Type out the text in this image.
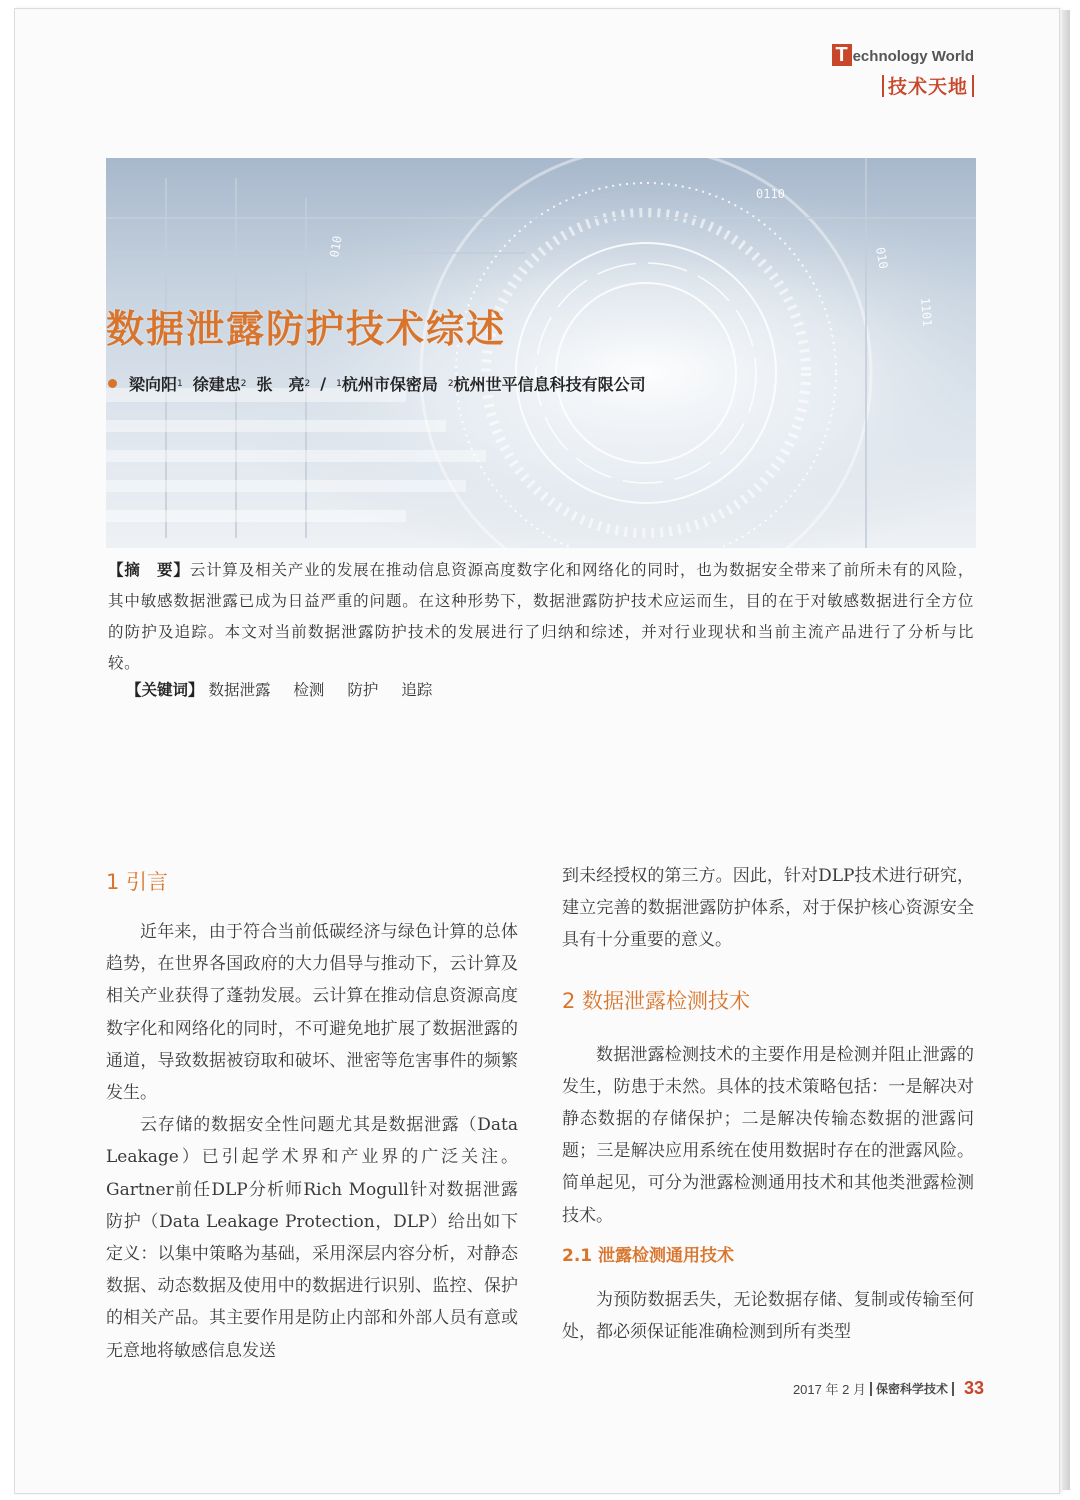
T echnology World
技术天地
010
1101
010
0110
数据泄露防护技术综述
梁向阳 1 徐建忠 2 张　亮 2 / 1 杭州市保密局 2 杭州世平信息科技有限公司
【摘　要】云计算及相关产业的发展在推动信息资源高度数字化和网络化的同时，也为数据安全带来了前所未有的风险，其中敏感数据泄露已成为日益严重的问题。在这种形势下，数据泄露防护技术应运而生，目的在于对敏感数据进行全方位的防护及追踪。本文对当前数据泄露防护技术的发展进行了归纳和综述，并对行业现状和当前主流产品进行了分析与比较。
【关键词】 数据泄露 检测 防护 追踪
1 引言

近年来，由于符合当前低碳经济与绿色计算的总体趋势，在世界各国政府的大力倡导与推动下，云计算及相关产业获得了蓬勃发展。云计算在推动信息资源高度数字化和网络化的同时，不可避免地扩展了数据泄露的通道，导致数据被窃取和破坏、泄密等危害事件的频繁发生。

云存储的数据安全性问题尤其是数据泄露（Data Leakage）已引起学术界和产业界的广泛关注。Gartner前任DLP分析师Rich Mogull针对数据泄露防护（Data Leakage Protection，DLP）给出如下定义：以集中策略为基础，采用深层内容分析，对静态数据、动态数据及使用中的数据进行识别、监控、保护的相关产品。其主要作用是防止内部和外部人员有意或无意地将敏感信息发送

到未经授权的第三方。因此，针对DLP技术进行研究，建立完善的数据泄露防护体系，对于保护核心资源安全具有十分重要的意义。

2 数据泄露检测技术

数据泄露检测技术的主要作用是检测并阻止泄露的发生，防患于未然。具体的技术策略包括：一是解决对静态数据的存储保护；二是解决传输态数据的泄露问题；三是解决应用系统在使用数据时存在的泄露风险。简单起见，可分为泄露检测通用技术和其他类泄露检测技术。

2.1 泄露检测通用技术

为预防数据丢失，无论数据存储、复制或传输至何处，都必须保证能准确检测到所有类型

2017 年 2 月 保密科学技术 33
